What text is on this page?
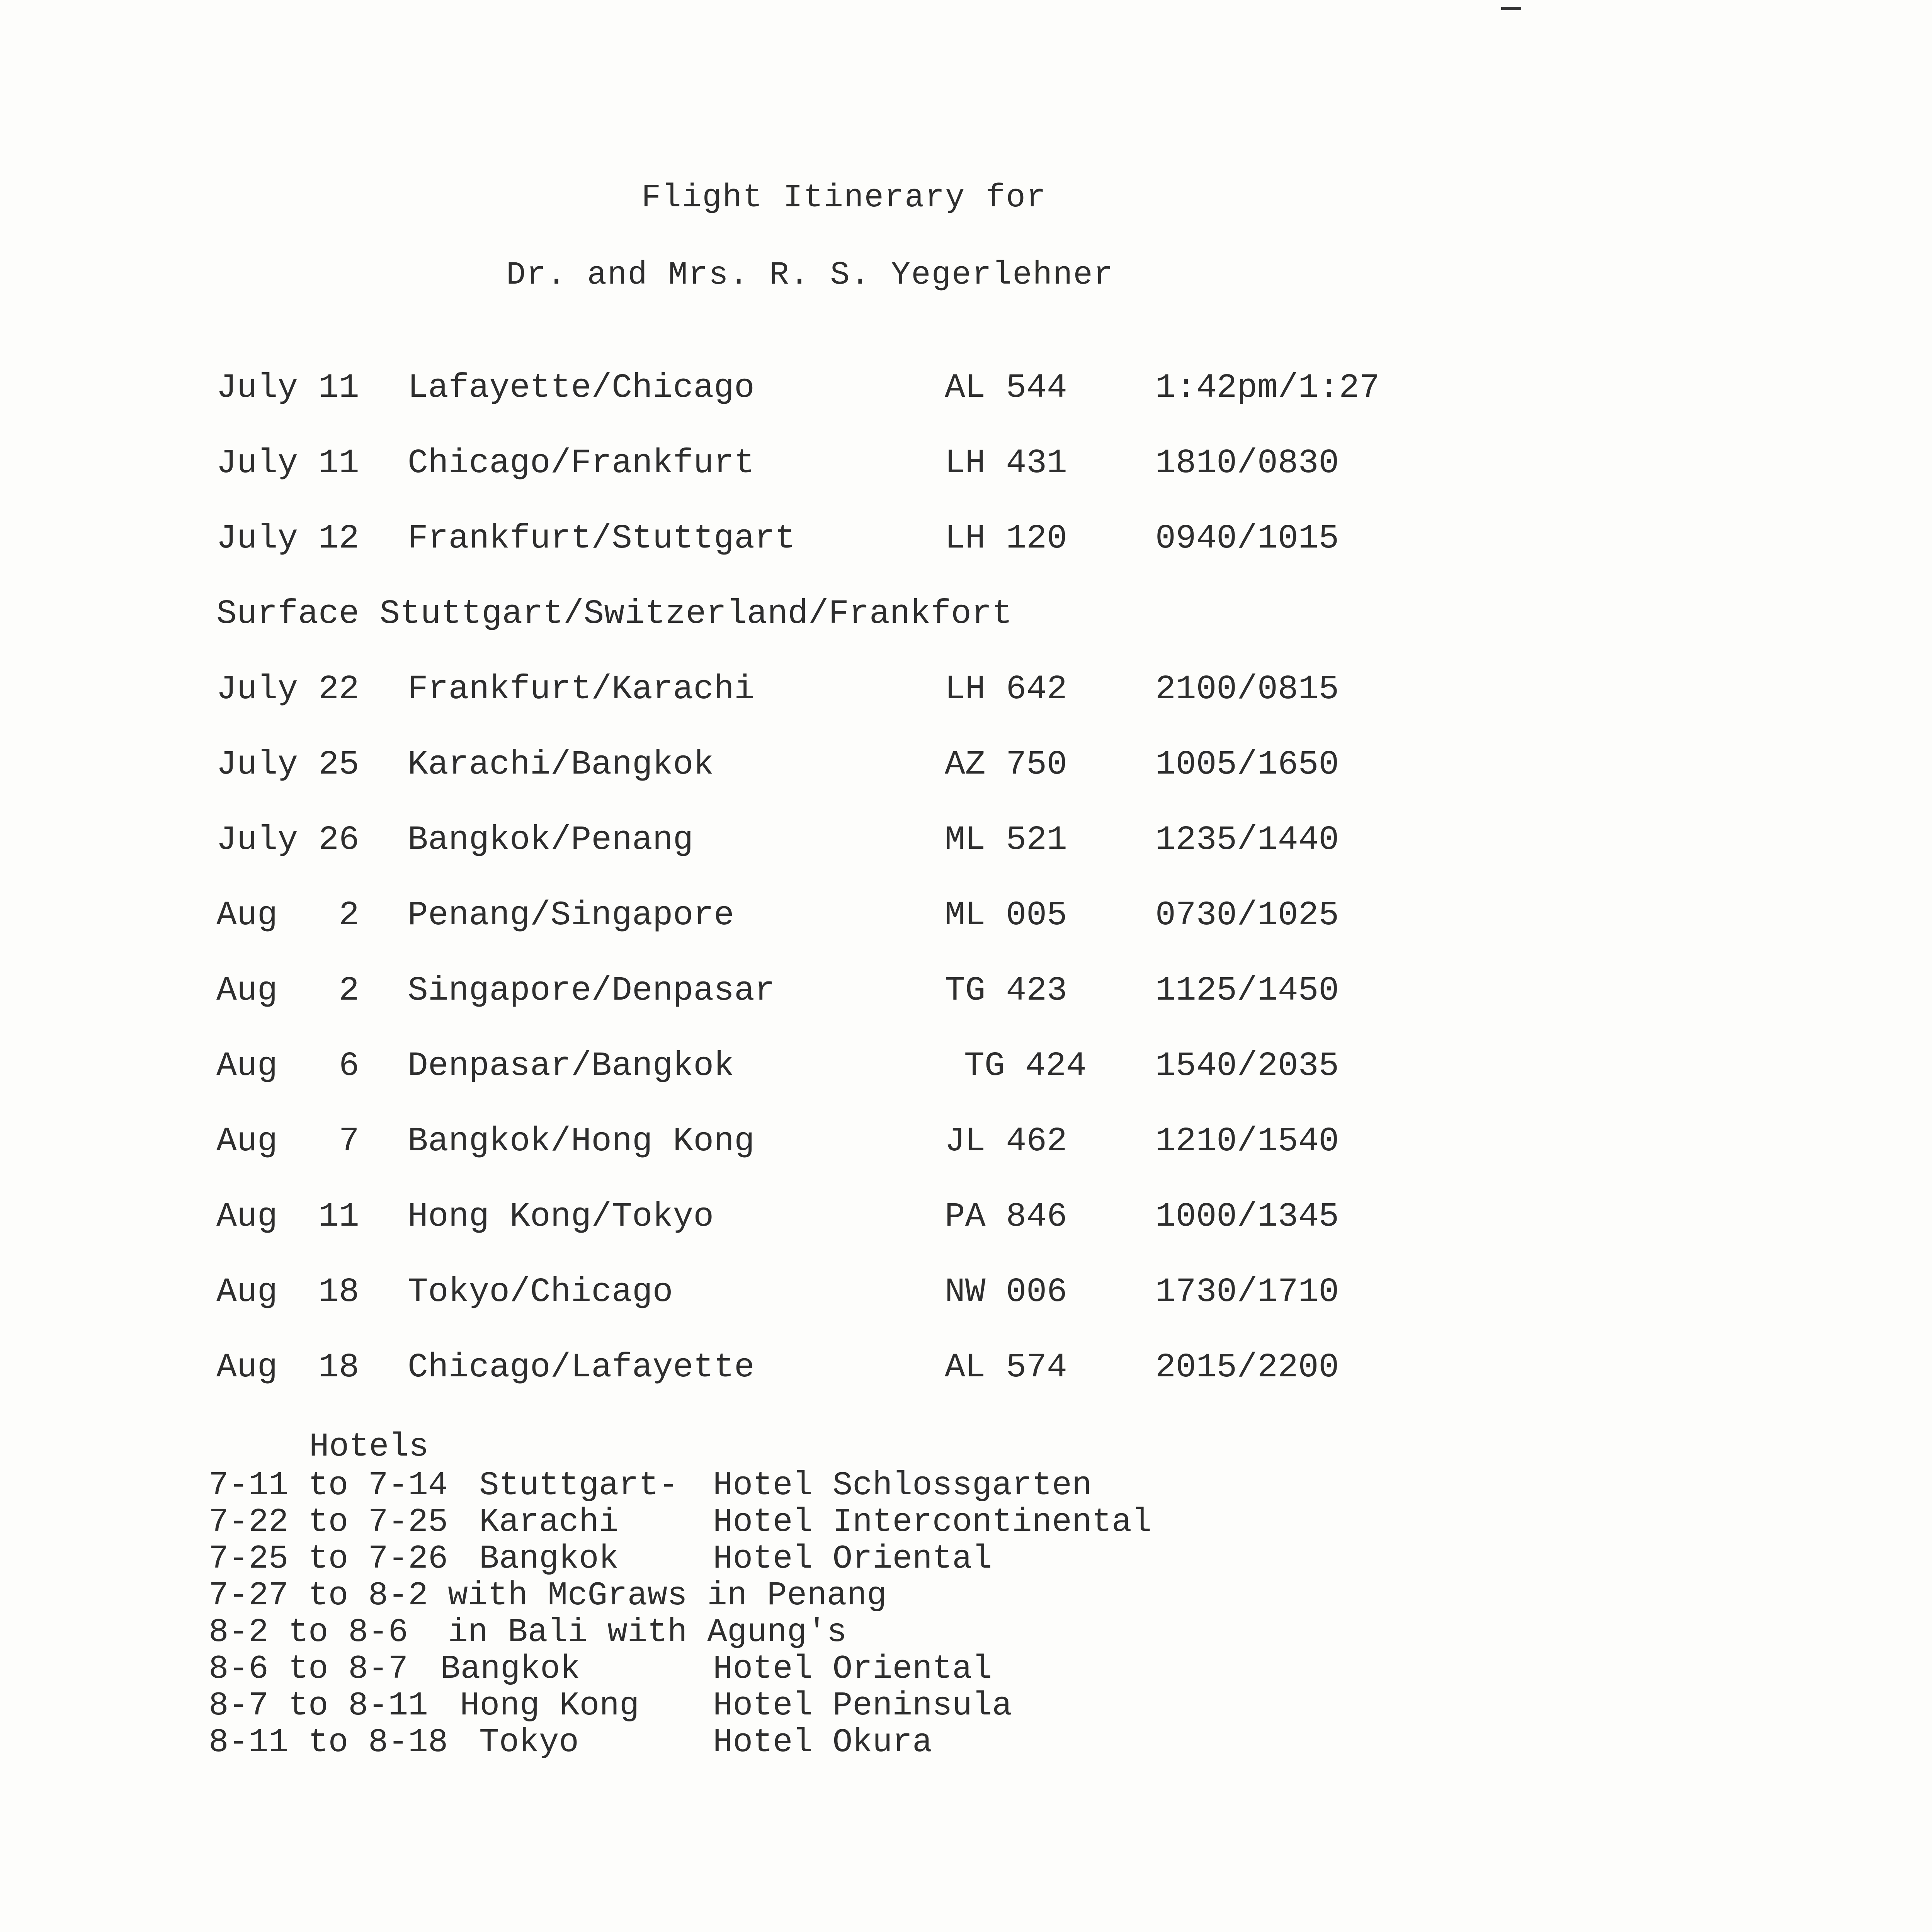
Flight Itinerary for
Dr. and Mrs. R. S. Yegerlehner
July 11 Lafayette/Chicago	AL 544	1:42pm/1:27
July 11 Chicago/Frankfurt	LH 431	1810/0830
July 12 Frankfurt/Stuttgart	LH 120	0940/1015
Surface Stuttgart/Switzerland/Frankfort
July 22 Frankfurt/Karachi	LH 642	2100/0815
July 25 Karachi/Bangkok	AZ 750	1005/1650
July 26 Bangkok/Penang	ML 521	1235/1440
Aug   2 Penang/Singapore	ML 005	0730/1025
Aug   2 Singapore/Denpasar	TG 423	1125/1450
Aug   6 Denpasar/Bangkok	TG 424 1540/2035
Aug   7 Bangkok/Hong Kong	JL 462	1210/1540
Aug  11 Hong Kong/Tokyo	PA 846	1000/1345
Aug  18 Tokyo/Chicago	NW 006	1730/1710
Aug  18 Chicago/Lafayette	AL 574	2015/2200
Hotels
7-11 to 7-14 Stuttgart- Hotel Schlossgarten
7-22 to 7-25 Karachi	Hotel Intercontinental
7-25 to 7-26 Bangkok	Hotel Oriental
7-27 to 8-2 with McGraws in Penang
8-2 to 8-6  in Bali with Agung's
8-6 to 8-7 Bangkok	Hotel Oriental
8-7 to 8-11 Hong Kong Hotel Peninsula
8-11 to 8-18 Tokyo	Hotel Okura
